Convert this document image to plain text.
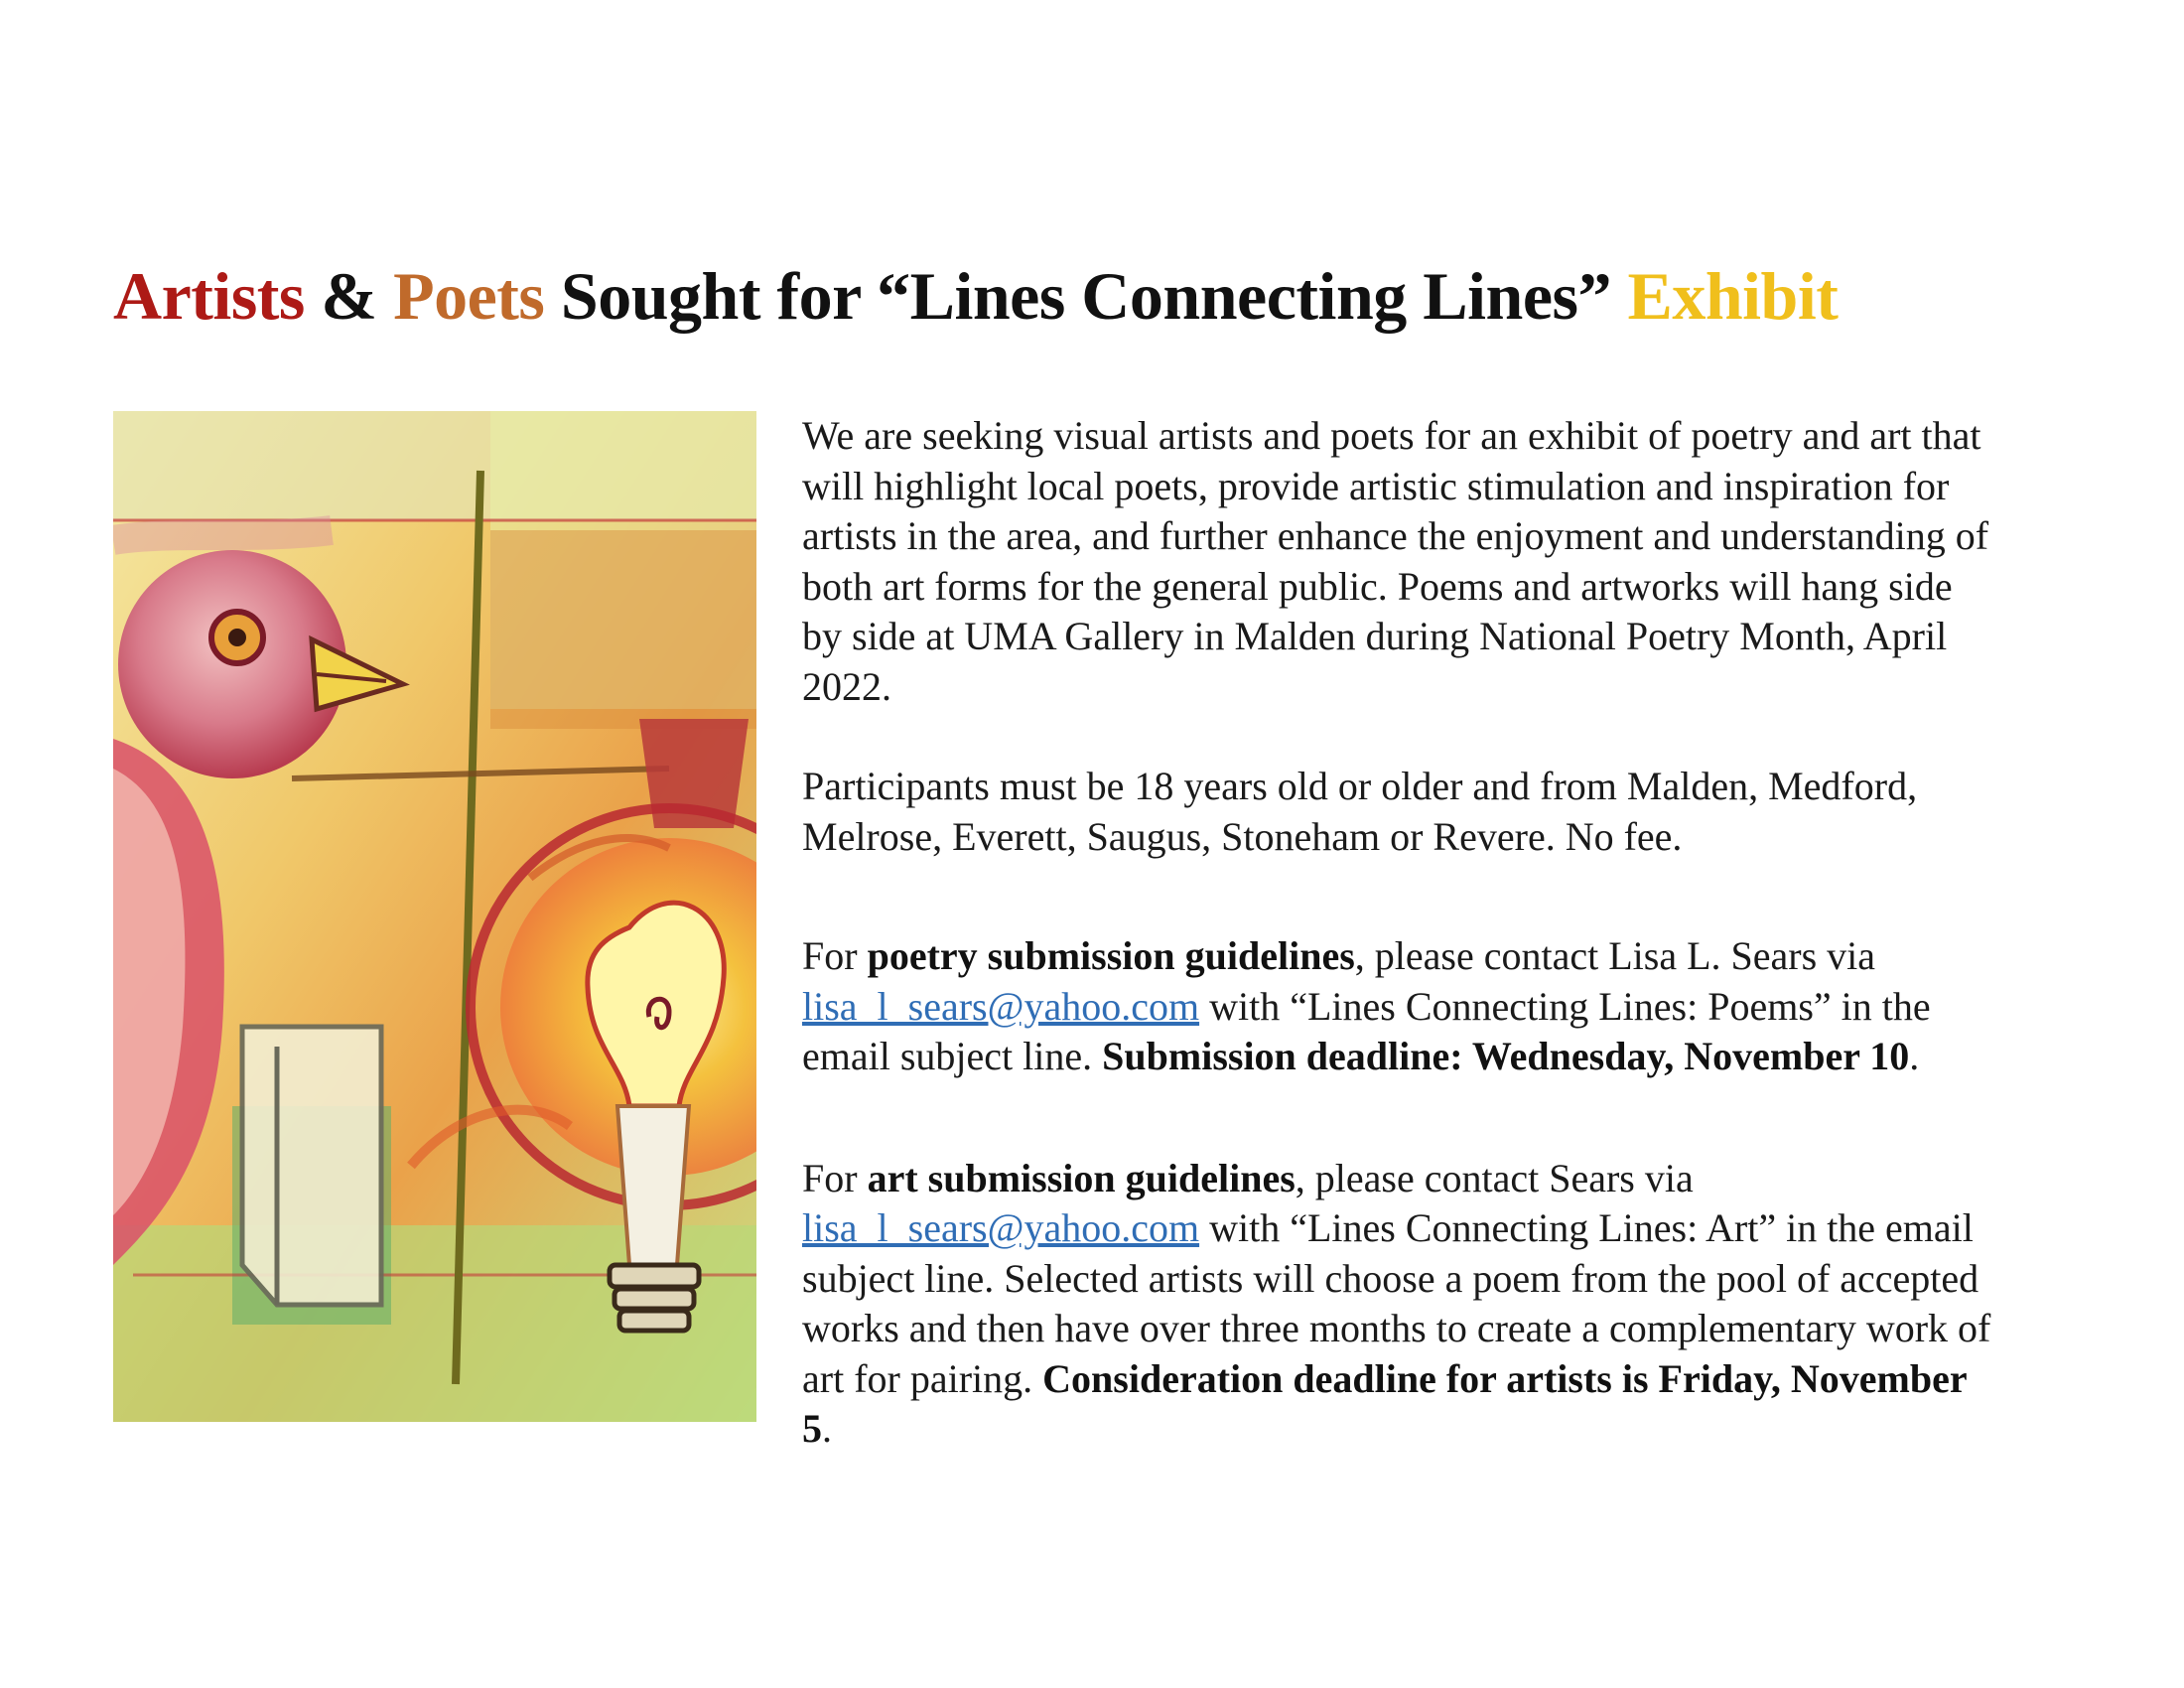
Artists & Poets Sought for “Lines Connecting Lines” Exhibit

We are seeking visual artists and poets for an exhibit of poetry and art that will highlight local poets, provide artistic stimulation and inspiration for artists in the area, and further enhance the enjoyment and understanding of both art forms for the general public. Poems and artworks will hang side by side at UMA Gallery in Malden during National Poetry Month, April 2022.

Participants must be 18 years old or older and from Malden, Medford, Melrose, Everett, Saugus, Stoneham or Revere. No fee.

For poetry submission guidelines, please contact Lisa L. Sears via lisa_l_sears@yahoo.com with “Lines Connecting Lines: Poems” in the email subject line. Submission deadline: Wednesday, November 10.

For art submission guidelines, please contact Sears via lisa_l_sears@yahoo.com with “Lines Connecting Lines: Art” in the email subject line. Selected artists will choose a poem from the pool of accepted works and then have over three months to create a complementary work of art for pairing. Consideration deadline for artists is Friday, November 5.
